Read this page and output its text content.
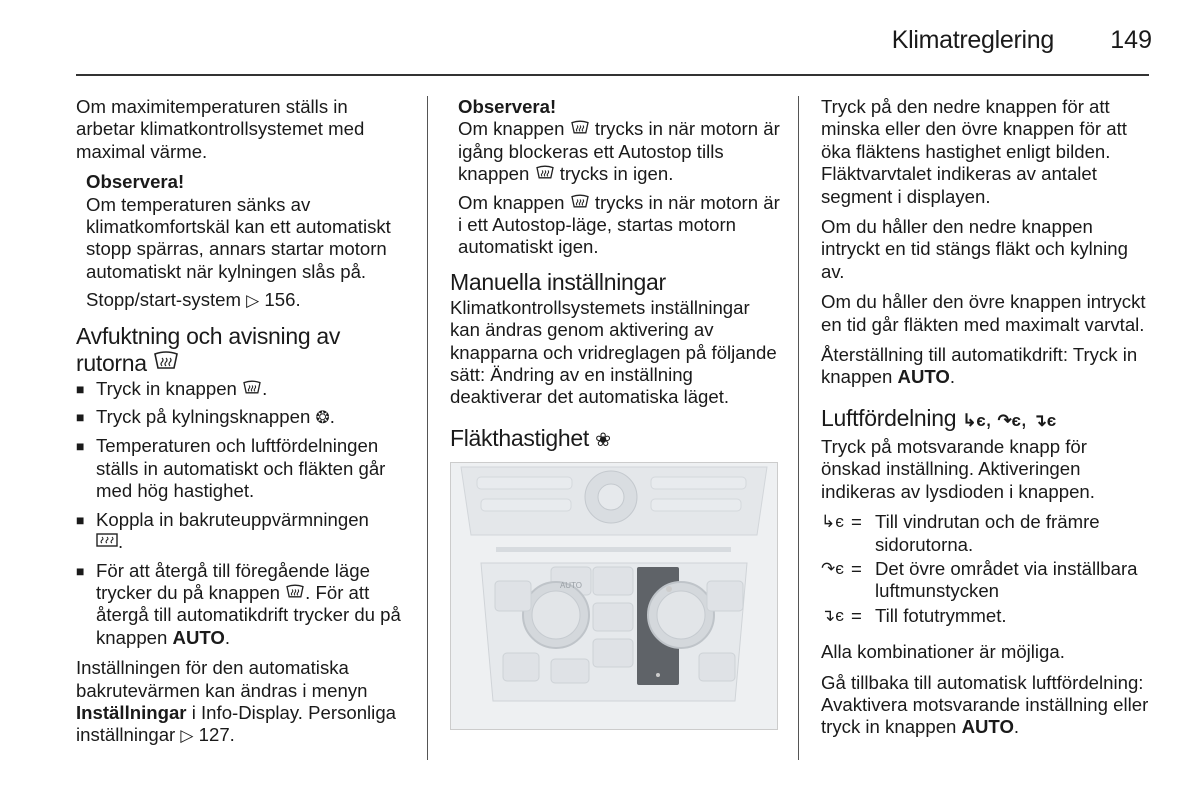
Klimatreglering 149

Om maximitemperaturen ställs in arbetar klimatkontrollsystemet med maximal värme.

Observera!
Om temperaturen sänks av klimatkomfortskäl kan ett automatiskt stopp spärras, annars startar motorn automatiskt när kylningen slås på.
Stopp/start-system ▷ 156.
Avfuktning och avisning av rutorna
■ Tryck in knappen .
■ Tryck på kylningsknappen ❂.
■ Temperaturen och luftfördelningen ställs in automatiskt och fläkten går med hög hastighet.
■ Koppla in bakruteuppvärmningen
.
■ För att återgå till föregående läge trycker du på knappen . För att återgå till automatikdrift trycker du på knappen AUTO.

Inställningen för den automatiska bakrutevärmen kan ändras i menyn Inställningar i Info-Display. Personliga inställningar ▷ 127.

Observera!
Om knappen trycks in när motorn är igång blockeras ett Autostop tills knappen trycks in igen.
Om knappen trycks in när motorn är i ett Autostop-läge, startas motorn automatiskt igen.
Manuella inställningar

Klimatkontrollsystemets inställningar kan ändras genom aktivering av knapparna och vridreglagen på följande sätt: Ändring av en inställning deaktiverar det automatiska läget.

Fläkthastighet ❀
AUTO

Tryck på den nedre knappen för att minska eller den övre knappen för att öka fläktens hastighet enligt bilden. Fläktvarvtalet indikeras av antalet segment i displayen.

Om du håller den nedre knappen intryckt en tid stängs fläkt och kylning av.

Om du håller den övre knappen intryckt en tid går fläkten med maximalt varvtal.

Återställning till automatikdrift: Tryck in knappen AUTO.

Luftfördelning ↳є, ↷є, ↴є

Tryck på motsvarande knapp för önskad inställning. Aktiveringen indikeras av lysdioden i knappen.

↳є = Till vindrutan och de främre sidorutorna.
↷є = Det övre området via inställbara luftmunstycken
↴є = Till fotutrymmet.

Alla kombinationer är möjliga.

Gå tillbaka till automatisk luftfördelning: Avaktivera motsvarande inställning eller tryck in knappen AUTO.
